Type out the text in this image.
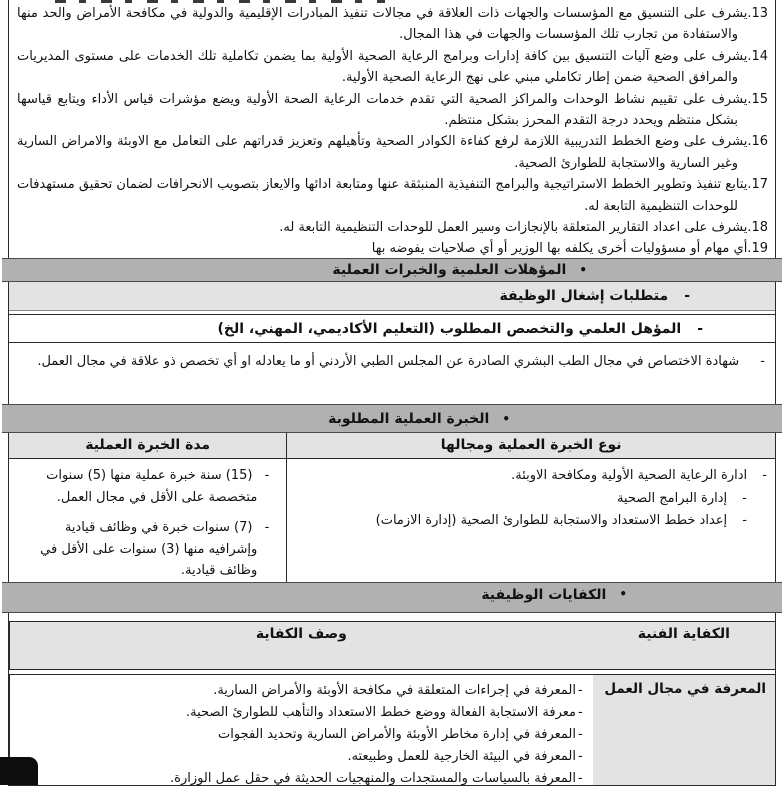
13.يشرف على التنسيق مع المؤسسات والجهات ذات العلاقة في مجالات تنفيذ المبادرات الإقليمية والدولية في مكافحة الأمراض والحد منها والاستفادة من تجارب تلك المؤسسات والجهات في هذا المجال.
14.يشرف على وضع آليات التنسيق بين كافة إدارات وبرامج الرعاية الصحية الأولية بما يضمن تكاملية تلك الخدمات على مستوى المديريات والمرافق الصحية ضمن إطار تكاملي مبني على نهج الرعاية الصحية الأولية.
15.يشرف على تقييم نشاط الوحدات والمراكز الصحية التي تقدم خدمات الرعاية الصحة الأولية ويضع مؤشرات قياس الأداء ويتابع قياسها بشكل منتظم ويحدد درجة التقدم المحرز بشكل منتظم.
16.يشرف على وضع الخطط التدريبية اللازمة لرفع كفاءة الكوادر الصحية وتأهيلهم وتعزيز قدراتهم على التعامل مع الاوبئة والامراض السارية وغير السارية والاستجابة للطوارئ الصحية.
17.يتابع تنفيذ وتطوير الخطط الاستراتيجية والبرامج التنفيذية المنبثقة عنها ومتابعة ادائها والايعاز بتصويب الانحرافات لضمان تحقيق مستهدفات للوحدات التنظيمية التابعة له.
18.يشرف على اعداد التقارير المتعلقة بالإنجازات وسير العمل للوحدات التنظيمية التابعة له.
19.أي مهام أو مسؤوليات أخرى يكلفه بها الوزير أو أي صلاحيات يفوضه بها
•
المؤهلات العلمية والخبرات العملية
-
متطلبات إشغال الوظيفة
-
المؤهل العلمي والتخصص المطلوب (التعليم الأكاديمي، المهني، الخ)

- شهادة الاختصاص في مجال الطب البشري الصادرة عن المجلس الطبي الأردني أو ما يعادله او أي تخصص ذو علاقة في مجال العمل.

•
الخبرة العملية المطلوبة
نوع الخبرة العملية ومجالها
مدة الخبرة العملية
- ادارة الرعاية الصحية الأولية ومكافحة الاوبئة.
- إدارة البرامج الصحية
- إعداد خطط الاستعداد والاستجابة للطوارئ الصحية (إدارة الازمات)

- (15) سنة خبرة عملية منها (5) سنوات متخصصة على الأقل في مجال العمل.

- (7) سنوات خبرة في وظائف قيادية وإشرافيه منها (3) سنوات على الأقل في وظائف قيادية.

•
الكفايات الوظيفية
الكفاية الفنية
وصف الكفاية
المعرفة في مجال العمل
-المعرفة في إجراءات المتعلقة في مكافحة الأوبئة والأمراض السارية.
-معرفة الاستجابة الفعالة ووضع خطط الاستعداد والتأهب للطوارئ الصحية.
-المعرفة في إدارة مخاطر الأوبئة والأمراض السارية وتحديد الفجوات
-المعرفة في البيئة الخارجية للعمل وطبيعته.
-المعرفة بالسياسات والمستجدات والمنهجيات الحديثة في حقل عمل الوزارة.
